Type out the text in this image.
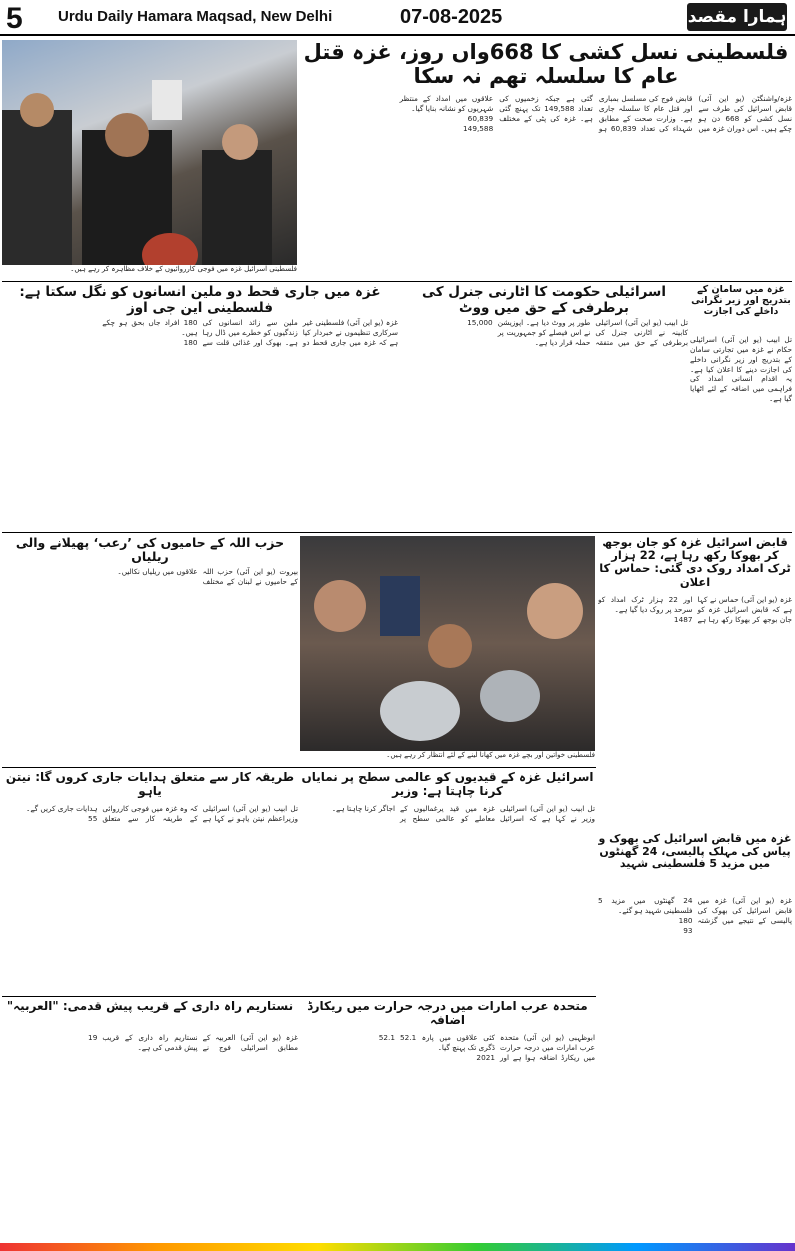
5 Urdu Daily Hamara Maqsad, New Delhi	07-08-2025	ہمارا مقصد
فلسطینی اسرائیل غزہ میں فوجی کارروائیوں کے خلاف مظاہرہ کر رہے ہیں۔
فلسطینی نسل کشی کا 668واں روز، غزہ قتل عام کا سلسلہ تھم نہ سکا

غزہ/واشنگٹن (یو این آئی) قابض اسرائیل کی طرف سے نسل کشی کو 668 دن ہو چکے ہیں۔ اس دوران غزہ میں قابض فوج کی مسلسل بمباری اور قتل عام کا سلسلہ جاری ہے۔ وزارت صحت کے مطابق شہداء کی تعداد 60,839 ہو گئی ہے جبکہ زخمیوں کی تعداد 149,588 تک پہنچ گئی ہے۔ غزہ کی پٹی کے مختلف علاقوں میں امداد کے منتظر شہریوں کو نشانہ بنایا گیا۔

60,839

149,588

غزہ میں سامان کے بتدریج اور زیر نگرانی داخلے کی اجازت
تل ابیب (یو این آئی) اسرائیلی حکام نے غزہ میں تجارتی سامان کے بتدریج اور زیر نگرانی داخلے کی اجازت دینے کا اعلان کیا ہے۔ یہ اقدام انسانی امداد کی فراہمی میں اضافہ کے لئے اٹھایا گیا ہے۔
اسرائیلی حکومت کا اٹارنی جنرل کی برطرفی کے حق میں ووٹ

تل ابیب (یو این آئی) اسرائیلی کابینہ نے اٹارنی جنرل کی برطرفی کے حق میں متفقہ طور پر ووٹ دیا ہے۔ اپوزیشن نے اس فیصلے کو جمہوریت پر حملہ قرار دیا ہے۔

15,000

غزہ میں جاری قحط دو ملین انسانوں کو نگل سکتا ہے: فلسطینی این جی اوز

غزہ (یو این آئی) فلسطینی غیر سرکاری تنظیموں نے خبردار کیا ہے کہ غزہ میں جاری قحط دو ملین سے زائد انسانوں کی زندگیوں کو خطرے میں ڈال رہا ہے۔ بھوک اور غذائی قلت سے 180 افراد جاں بحق ہو چکے ہیں۔

180

قابض اسرائیل غزہ کو جان بوجھ کر بھوکا رکھ رہا ہے، 22 ہزار ٹرک امداد روک دی گئی: حماس کا اعلان

غزہ (یو این آئی) حماس نے کہا ہے کہ قابض اسرائیل غزہ کو جان بوجھ کر بھوکا رکھ رہا ہے اور 22 ہزار ٹرک امداد کو سرحد پر روک دیا گیا ہے۔

1487

فلسطینی خواتین اور بچے غزہ میں کھانا لینے کے لئے انتظار کر رہے ہیں۔
حزب اللہ کے حامیوں کی ’رعب‘ پھیلانے والی ریلیاں
بیروت (یو این آئی) حزب اللہ کے حامیوں نے لبنان کے مختلف علاقوں میں ریلیاں نکالیں۔
اسرائیل غزہ کے قیدیوں کو عالمی سطح پر نمایاں کرنا چاہتا ہے: وزیر
تل ابیب (یو این آئی) اسرائیلی وزیر نے کہا ہے کہ اسرائیل غزہ میں قید یرغمالیوں کے معاملے کو عالمی سطح پر اجاگر کرنا چاہتا ہے۔
طریقہ کار سے متعلق ہدایات جاری کروں گا: نیتن یاہو

تل ابیب (یو این آئی) اسرائیلی وزیراعظم نیتن یاہو نے کہا ہے کہ وہ غزہ میں فوجی کارروائی کے طریقہ کار سے متعلق ہدایات جاری کریں گے۔

55

غزہ میں قابض اسرائیل کی بھوک و پیاس کی مہلک پالیسی، 24 گھنٹوں میں مزید 5 فلسطینی شہید

غزہ (یو این آئی) غزہ میں قابض اسرائیل کی بھوک کی پالیسی کے نتیجے میں گزشتہ 24 گھنٹوں میں مزید 5 فلسطینی شہید ہو گئے۔

180

93

متحدہ عرب امارات میں درجہ حرارت میں ریکارڈ اضافہ

ابوظہبی (یو این آئی) متحدہ عرب امارات میں درجہ حرارت میں ریکارڈ اضافہ ہوا ہے اور کئی علاقوں میں پارہ 52.1 ڈگری تک پہنچ گیا۔

2021

52.1

نستاریم راہ داری کے قریب پیش قدمی: "العربیہ"

غزہ (یو این آئی) العربیہ کے مطابق اسرائیلی فوج نے نستاریم راہ داری کے قریب پیش قدمی کی ہے۔

19
